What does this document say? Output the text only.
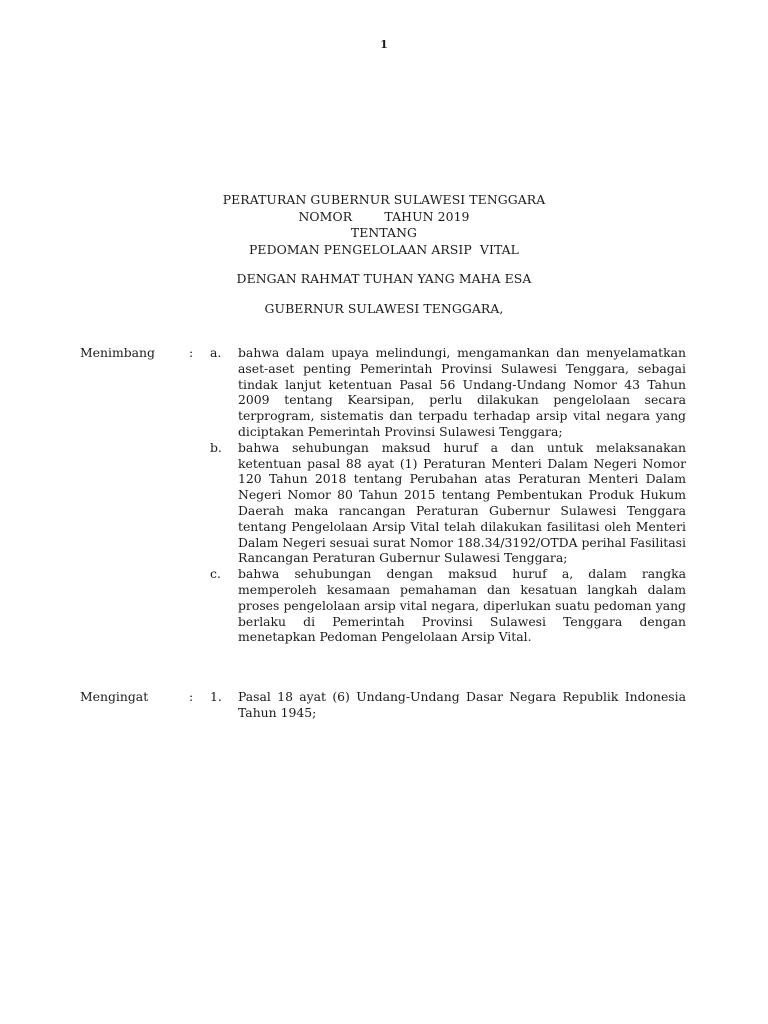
1
PERATURAN GUBERNUR SULAWESI TENGGARA
NOMOR        TAHUN 2019
TENTANG
PEDOMAN PENGELOLAAN ARSIP  VITAL
DENGAN RAHMAT TUHAN YANG MAHA ESA
GUBERNUR SULAWESI TENGGARA,
Menimbang	: a. bahwa dalam upaya melindungi, mengamankan dan menyelamatkan aset-aset penting Pemerintah Provinsi Sulawesi Tenggara, sebagai tindak lanjut ketentuan Pasal 56 Undang-Undang Nomor 43 Tahun 2009 tentang Kearsipan, perlu dilakukan pengelolaan secara terprogram, sistematis dan terpadu terhadap arsip vital negara yang diciptakan Pemerintah Provinsi Sulawesi Tenggara;
b. bahwa sehubungan maksud huruf a dan untuk melaksanakan ketentuan pasal 88 ayat (1) Peraturan Menteri Dalam Negeri Nomor 120 Tahun 2018 tentang Perubahan atas Peraturan Menteri Dalam Negeri Nomor 80 Tahun 2015 tentang Pembentukan Produk Hukum Daerah maka rancangan Peraturan Gubernur Sulawesi Tenggara tentang Pengelolaan Arsip Vital telah dilakukan fasilitasi oleh Menteri Dalam Negeri sesuai surat Nomor 188.34/3192/OTDA perihal Fasilitasi Rancangan Peraturan Gubernur Sulawesi Tenggara;
c. bahwa sehubungan dengan maksud huruf a, dalam rangka memperoleh kesamaan pemahaman dan kesatuan langkah dalam proses pengelolaan arsip vital negara, diperlukan suatu pedoman yang berlaku di Pemerintah Provinsi Sulawesi Tenggara dengan menetapkan Pedoman Pengelolaan Arsip Vital.
Mengingat	: 1. Pasal 18 ayat (6) Undang-Undang Dasar Negara Republik Indonesia Tahun 1945;
